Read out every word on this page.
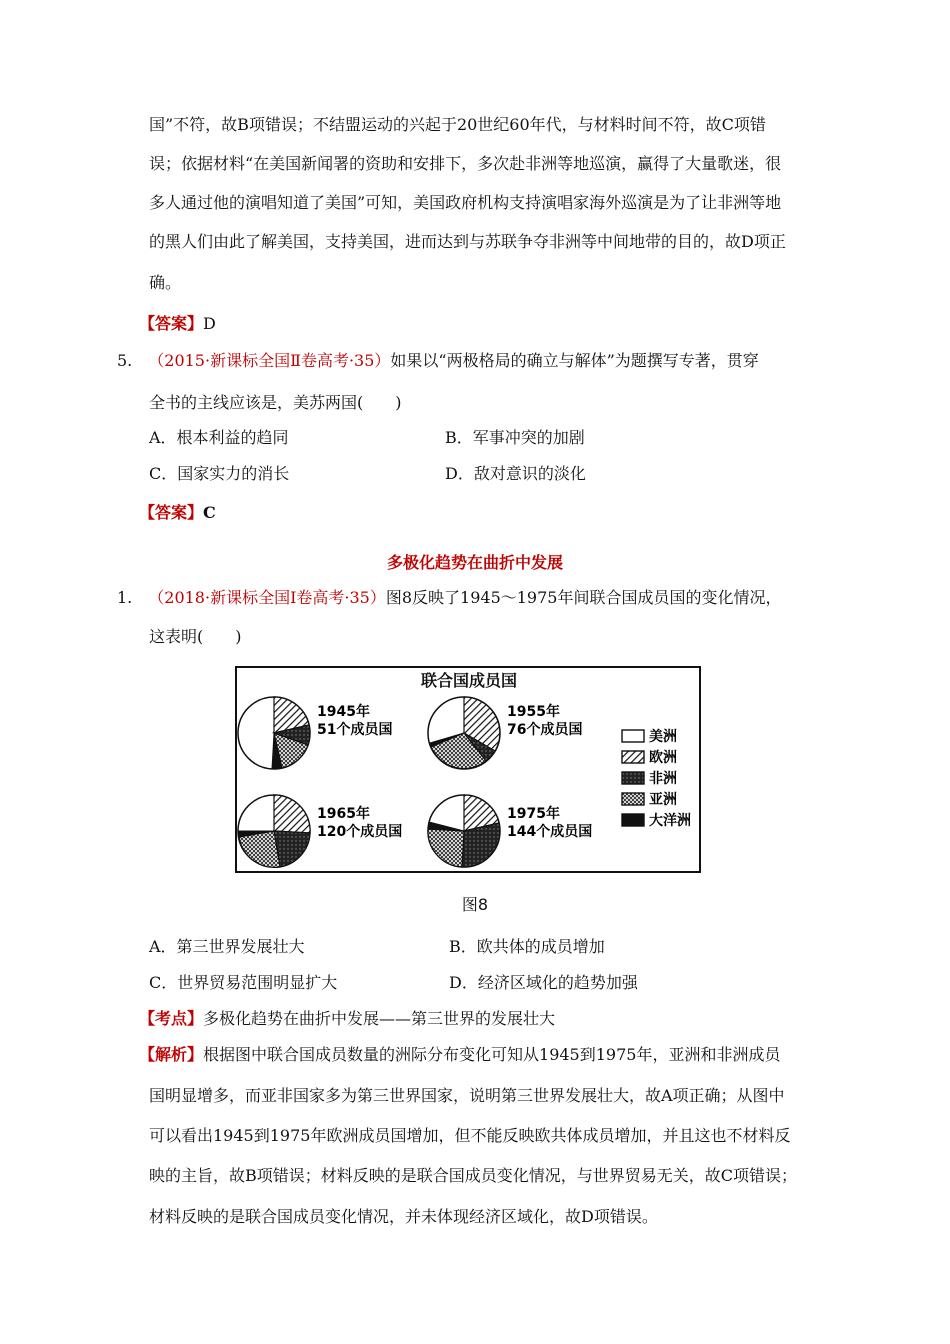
国”不符，故B项错误；不结盟运动的兴起于20世纪60年代，与材料时间不符，故C项错
误；依据材料“在美国新闻署的资助和安排下，多次赴非洲等地巡演，赢得了大量歌迷，很
多人通过他的演唱知道了美国”可知，美国政府机构支持演唱家海外巡演是为了让非洲等地
的黑人们由此了解美国，支持美国，进而达到与苏联争夺非洲等中间地带的目的，故D项正
确。
【答案】D
5. （2015·新课标全国Ⅱ卷高考·35）如果以“两极格局的确立与解体”为题撰写专著，贯穿
全书的主线应该是，美苏两国(　　)
A．根本利益的趋同	B．军事冲突的加剧
C．国家实力的消长	D．敌对意识的淡化
【答案】C
多极化趋势在曲折中发展
1. （2018·新课标全国Ⅰ卷高考·35）图8反映了1945～1975年间联合国成员国的变化情况，
这表明(　　)
联合国成员国
1945年
51个成员国
1955年
76个成员国
1965年
120个成员国
1975年
144个成员国
美洲
欧洲
非洲
亚洲
大洋洲
图8
A．第三世界发展壮大	B．欧共体的成员增加
C．世界贸易范围明显扩大	D．经济区域化的趋势加强
【考点】多极化趋势在曲折中发展——第三世界的发展壮大
【解析】根据图中联合国成员数量的洲际分布变化可知从1945到1975年，亚洲和非洲成员
国明显增多，而亚非国家多为第三世界国家，说明第三世界发展壮大，故A项正确；从图中
可以看出1945到1975年欧洲成员国增加，但不能反映欧共体成员增加，并且这也不材料反
映的主旨，故B项错误；材料反映的是联合国成员变化情况，与世界贸易无关，故C项错误；
材料反映的是联合国成员变化情况，并未体现经济区域化，故D项错误。
